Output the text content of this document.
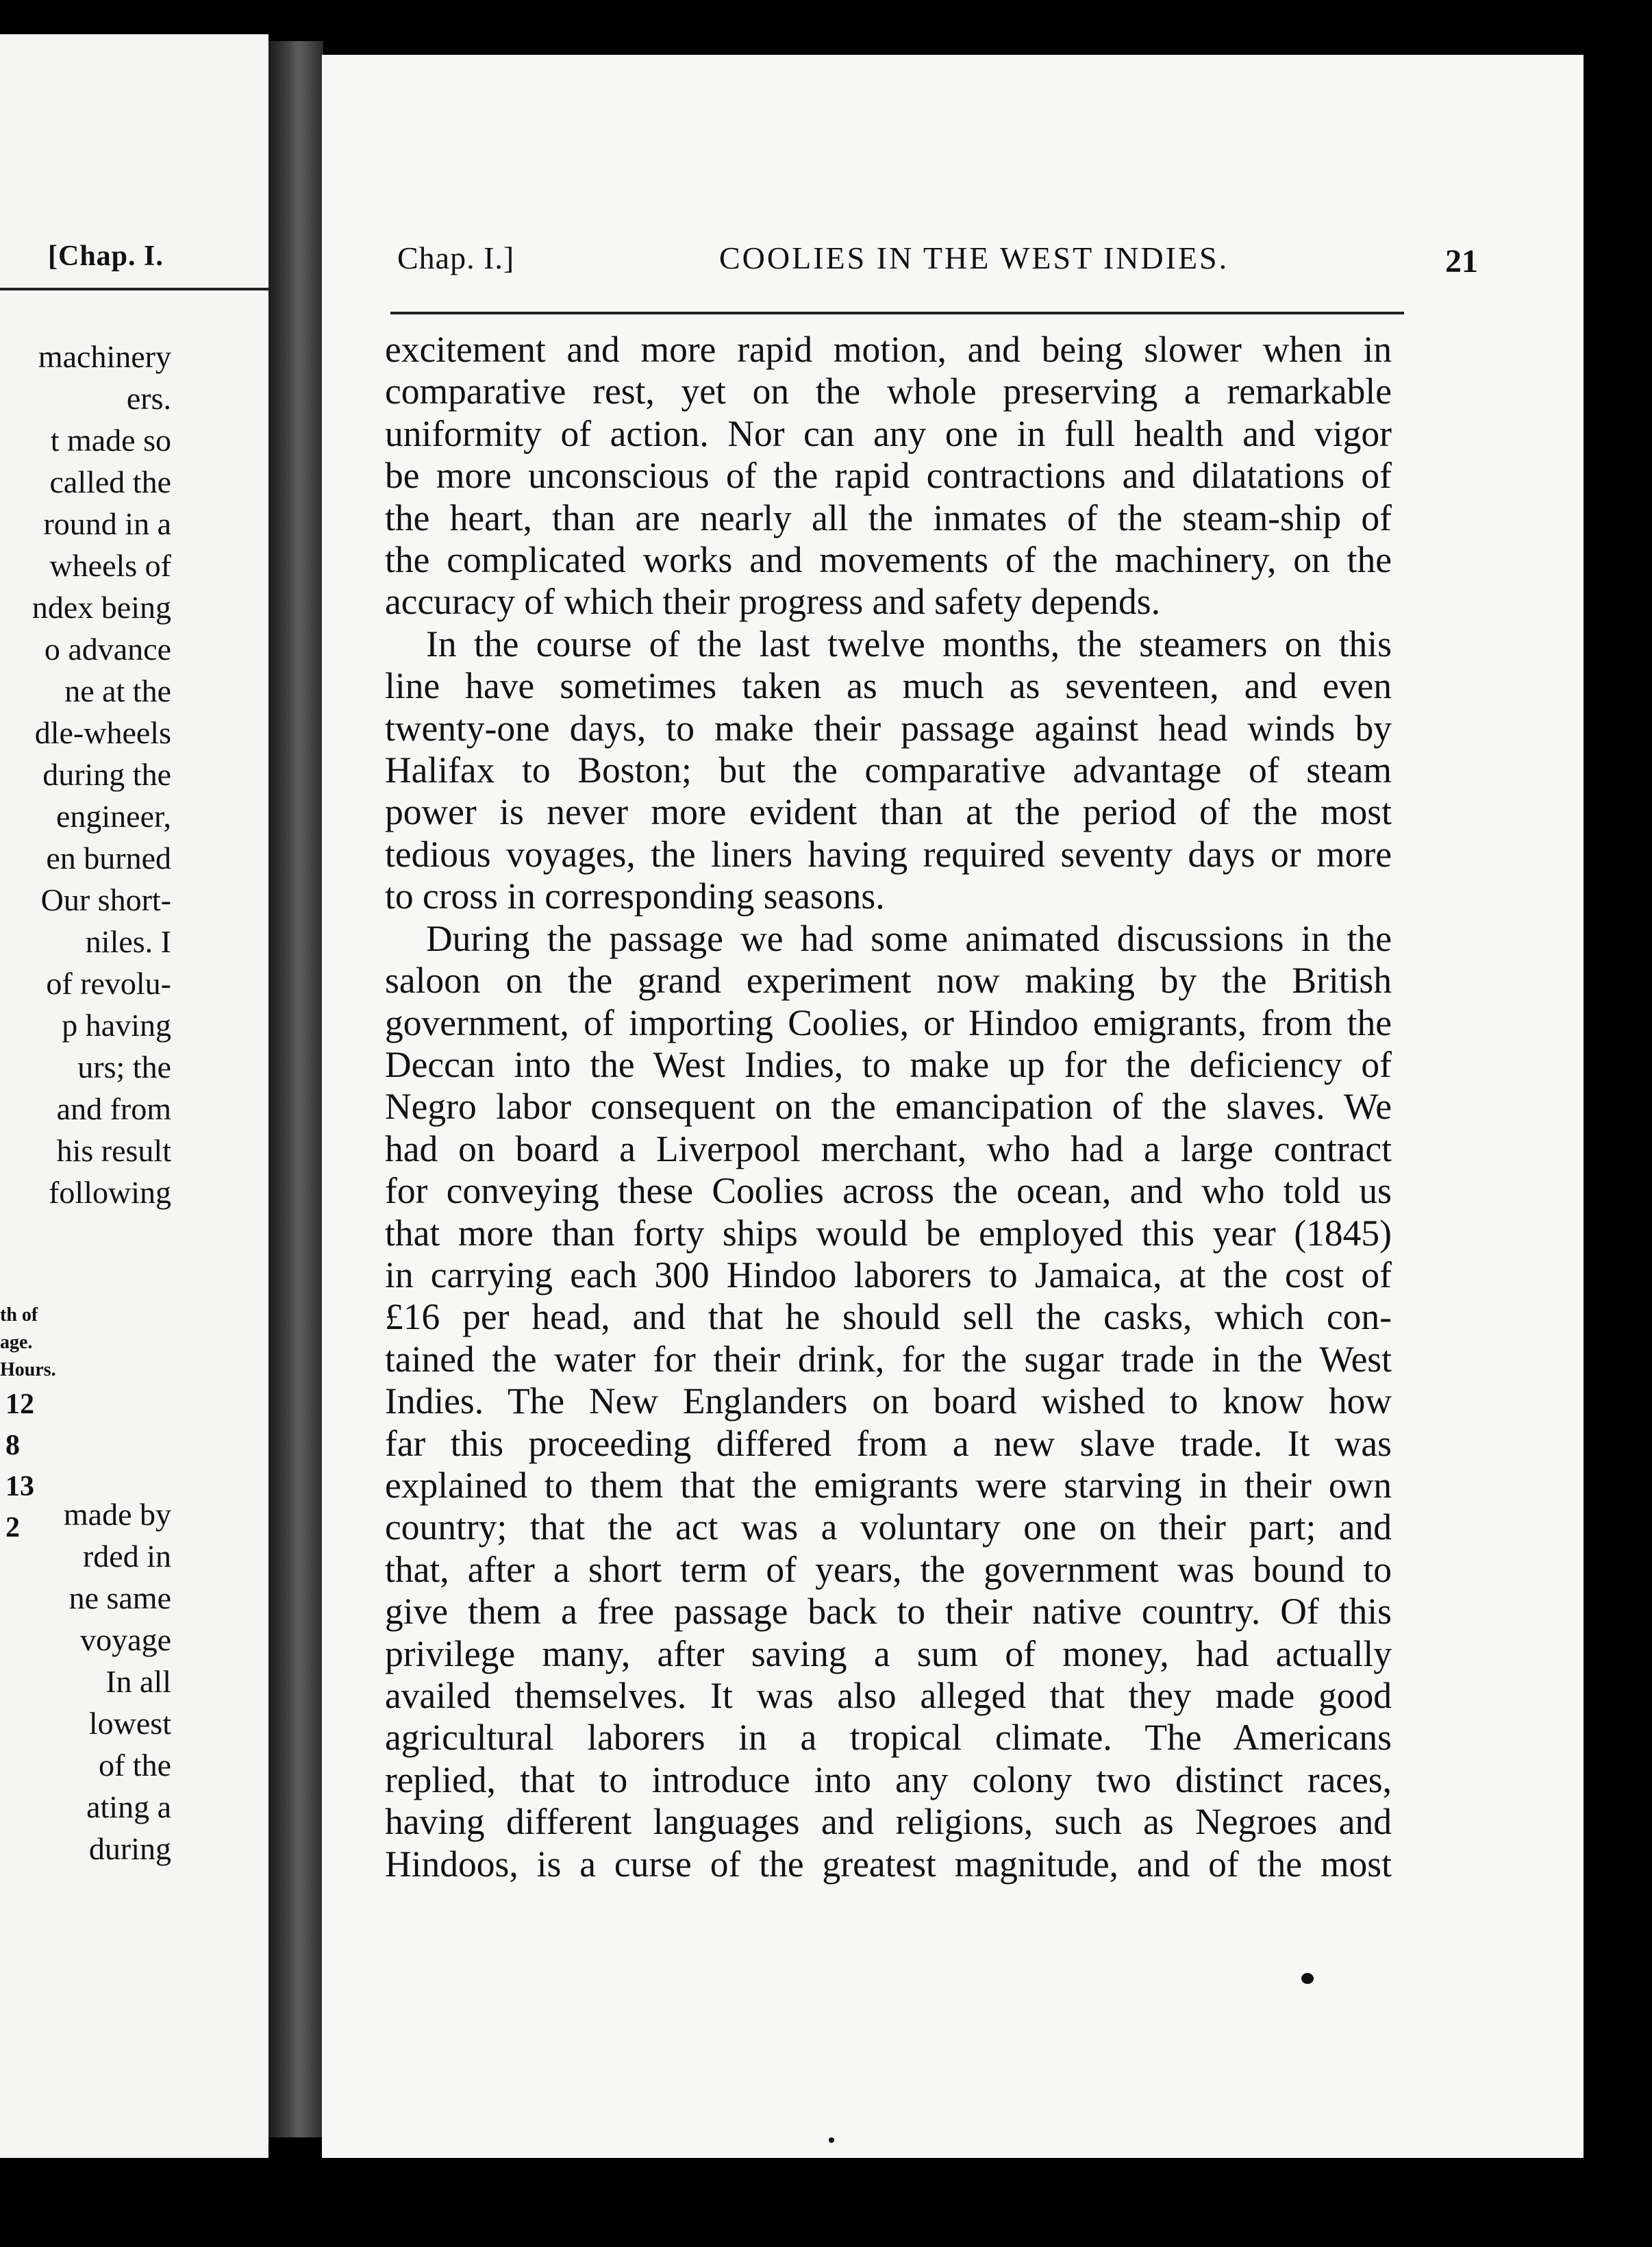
[Chap. I.
machinery
ers.
t made so
called the
round in a
wheels of
ndex being
o advance
ne at the
dle-wheels
during the
engineer,
en burned
Our short-
niles. I
of revolu-
p having
urs; the
and from
his result
following
th of
age.
Hours.
12
8
13
2	made by
rded in
ne same
voyage
In all
lowest
of the
ating a
during
Chap. I.]	COOLIES IN THE WEST INDIES.	21
excitement and more rapid motion, and being slower when in
comparative rest, yet on the whole preserving a remarkable
uniformity of action. Nor can any one in full health and vigor
be more unconscious of the rapid contractions and dilatations of
the heart, than are nearly all the inmates of the steam-ship of
the complicated works and movements of the machinery, on the
accuracy of which their progress and safety depends.
In the course of the last twelve months, the steamers on this
line have sometimes taken as much as seventeen, and even
twenty-one days, to make their passage against head winds by
Halifax to Boston; but the comparative advantage of steam
power is never more evident than at the period of the most
tedious voyages, the liners having required seventy days or more
to cross in corresponding seasons.
During the passage we had some animated discussions in the
saloon on the grand experiment now making by the British
government, of importing Coolies, or Hindoo emigrants, from the
Deccan into the West Indies, to make up for the deficiency of
Negro labor consequent on the emancipation of the slaves. We
had on board a Liverpool merchant, who had a large contract
for conveying these Coolies across the ocean, and who told us
that more than forty ships would be employed this year (1845)
in carrying each 300 Hindoo laborers to Jamaica, at the cost of
£16 per head, and that he should sell the casks, which con-
tained the water for their drink, for the sugar trade in the West
Indies. The New Englanders on board wished to know how
far this proceeding differed from a new slave trade. It was
explained to them that the emigrants were starving in their own
country; that the act was a voluntary one on their part; and
that, after a short term of years, the government was bound to
give them a free passage back to their native country. Of this
privilege many, after saving a sum of money, had actually
availed themselves. It was also alleged that they made good
agricultural laborers in a tropical climate. The Americans
replied, that to introduce into any colony two distinct races,
having different languages and religions, such as Negroes and
Hindoos, is a curse of the greatest magnitude, and of the most
